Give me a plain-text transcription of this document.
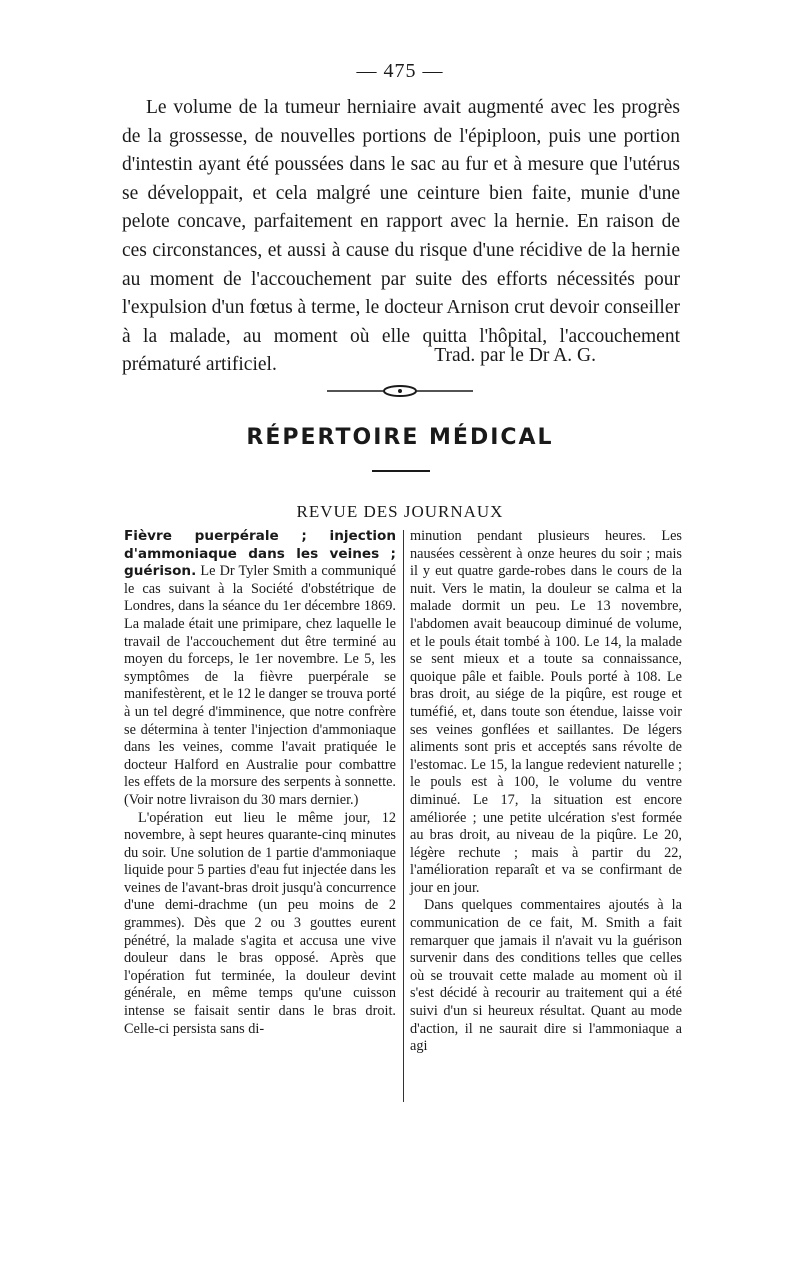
— 475 —

Le volume de la tumeur herniaire avait augmenté avec les progrès de la grossesse, de nouvelles portions de l'épiploon, puis une portion d'intestin ayant été poussées dans le sac au fur et à mesure que l'utérus se développait, et cela malgré une ceinture bien faite, munie d'une pelote concave, parfaitement en rapport avec la hernie. En raison de ces circonstances, et aussi à cause du risque d'une récidive de la hernie au moment de l'accouchement par suite des efforts nécessités pour l'expulsion d'un fœtus à terme, le docteur Arnison crut devoir conseiller à la malade, au moment où elle quitta l'hôpital, l'accouchement prématuré artificiel.	Trad. par le Dr A. G.
RÉPERTOIRE MÉDICAL
REVUE DES JOURNAUX

Fièvre puerpérale ; injection d'ammoniaque dans les veines ; guérison. Le Dr Tyler Smith a communiqué le cas suivant à la Société d'obstétrique de Londres, dans la séance du 1er décembre 1869. La malade était une primipare, chez laquelle le travail de l'accouchement dut être terminé au moyen du forceps, le 1er novembre. Le 5, les symptômes de la fièvre puerpérale se manifestèrent, et le 12 le danger se trouva porté à un tel degré d'imminence, que notre confrère se détermina à tenter l'injection d'ammoniaque dans les veines, comme l'avait pratiquée le docteur Halford en Australie pour combattre les effets de la morsure des serpents à sonnette. (Voir notre livraison du 30 mars dernier.)

L'opération eut lieu le même jour, 12 novembre, à sept heures quarante-cinq minutes du soir. Une solution de 1 partie d'ammoniaque liquide pour 5 parties d'eau fut injectée dans les veines de l'avant-bras droit jusqu'à concurrence d'une demi-drachme (un peu moins de 2 grammes). Dès que 2 ou 3 gouttes eurent pénétré, la malade s'agita et accusa une vive douleur dans le bras opposé. Après que l'opération fut terminée, la douleur devint générale, en même temps qu'une cuisson intense se faisait sentir dans le bras droit. Celle-ci persista sans di-

minution pendant plusieurs heures. Les nausées cessèrent à onze heures du soir ; mais il y eut quatre garde-robes dans le cours de la nuit. Vers le matin, la douleur se calma et la malade dormit un peu. Le 13 novembre, l'abdomen avait beaucoup diminué de volume, et le pouls était tombé à 100. Le 14, la malade se sent mieux et a toute sa connaissance, quoique pâle et faible. Pouls porté à 108. Le bras droit, au siége de la piqûre, est rouge et tuméfié, et, dans toute son étendue, laisse voir ses veines gonflées et saillantes. De légers aliments sont pris et acceptés sans révolte de l'estomac. Le 15, la langue redevient naturelle ; le pouls est à 100, le volume du ventre diminué. Le 17, la situation est encore améliorée ; une petite ulcération s'est formée au bras droit, au niveau de la piqûre. Le 20, légère rechute ; mais à partir du 22, l'amélioration reparaît et va se confirmant de jour en jour.

Dans quelques commentaires ajoutés à la communication de ce fait, M. Smith a fait remarquer que jamais il n'avait vu la guérison survenir dans des conditions telles que celles où se trouvait cette malade au moment où il s'est décidé à recourir au traitement qui a été suivi d'un si heureux résultat. Quant au mode d'action, il ne saurait dire si l'ammoniaque a agi
